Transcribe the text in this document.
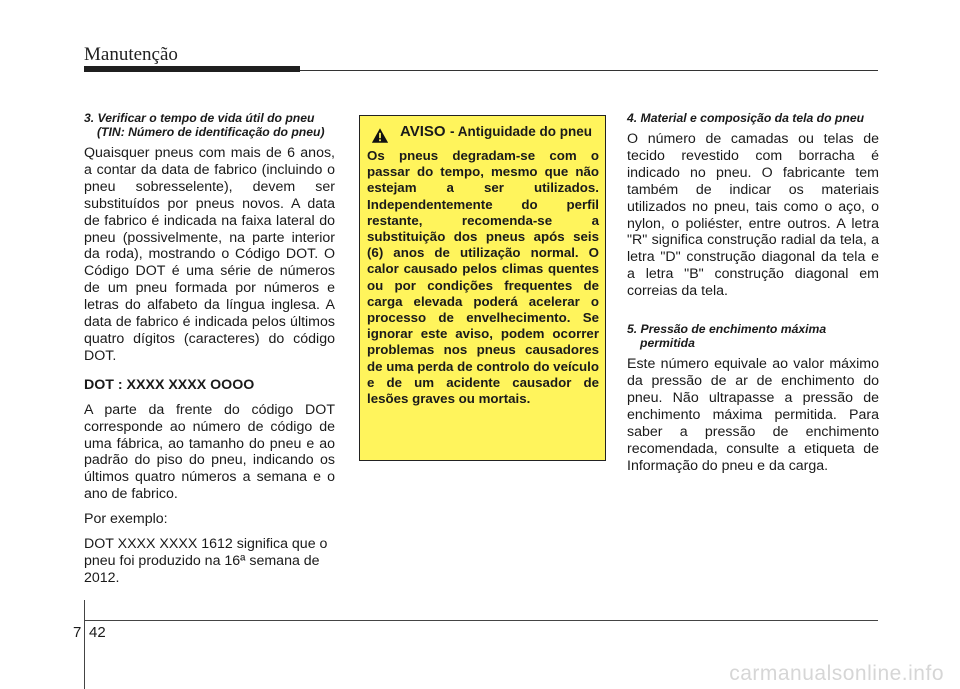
Manutenção
3. Verificar o tempo de vida útil do pneu (TIN: Número de identificação do pneu)
Quaisquer pneus com mais de 6 anos, a contar da data de fabrico (incluindo o pneu sobresselente), devem ser substituídos por pneus novos. A data de fabrico é indicada na faixa lateral do pneu (possivelmente, na parte interior da roda), mostrando o Código DOT. O Código DOT é uma série de números de um pneu formada por números e letras do alfabeto da língua inglesa. A data de fabrico é indicada pelos últimos quatro dígitos (caracteres) do código DOT.
DOT : XXXX XXXX OOOO
A parte da frente do código DOT corresponde ao número de código de uma fábrica, ao tamanho do pneu e ao padrão do piso do pneu, indicando os últimos quatro números a semana e o ano de fabrico.
Por exemplo:
DOT XXXX XXXX 1612 significa que o pneu foi produzido na 16ª semana de 2012.
AVISO - Antiguidade do pneu
Os pneus degradam-se com o passar do tempo, mesmo que não estejam a ser utilizados. Independentemente do perfil restante, recomenda-se a substituição dos pneus após seis (6) anos de utilização normal. O calor causado pelos climas quentes ou por condições frequentes de carga elevada poderá acelerar o processo de envelhecimento. Se ignorar este aviso, podem ocorrer problemas nos pneus causadores de uma perda de controlo do veículo e de um acidente causador de lesões graves ou mortais.
4. Material e composição da tela do pneu
O número de camadas ou telas de tecido revestido com borracha é indicado no pneu. O fabricante tem também de indicar os materiais utilizados no pneu, tais como o aço, o nylon, o poliéster, entre outros. A letra "R" significa construção radial da tela, a letra "D" construção diagonal da tela e a letra "B" construção diagonal em correias da tela.
5. Pressão de enchimento máxima permitida
Este número equivale ao valor máximo da pressão de ar de enchimento do pneu. Não ultrapasse a pressão de enchimento máxima permitida. Para saber a pressão de enchimento recomendada, consulte a etiqueta de Informação do pneu e da carga.
7 42
carmanualsonline.info
